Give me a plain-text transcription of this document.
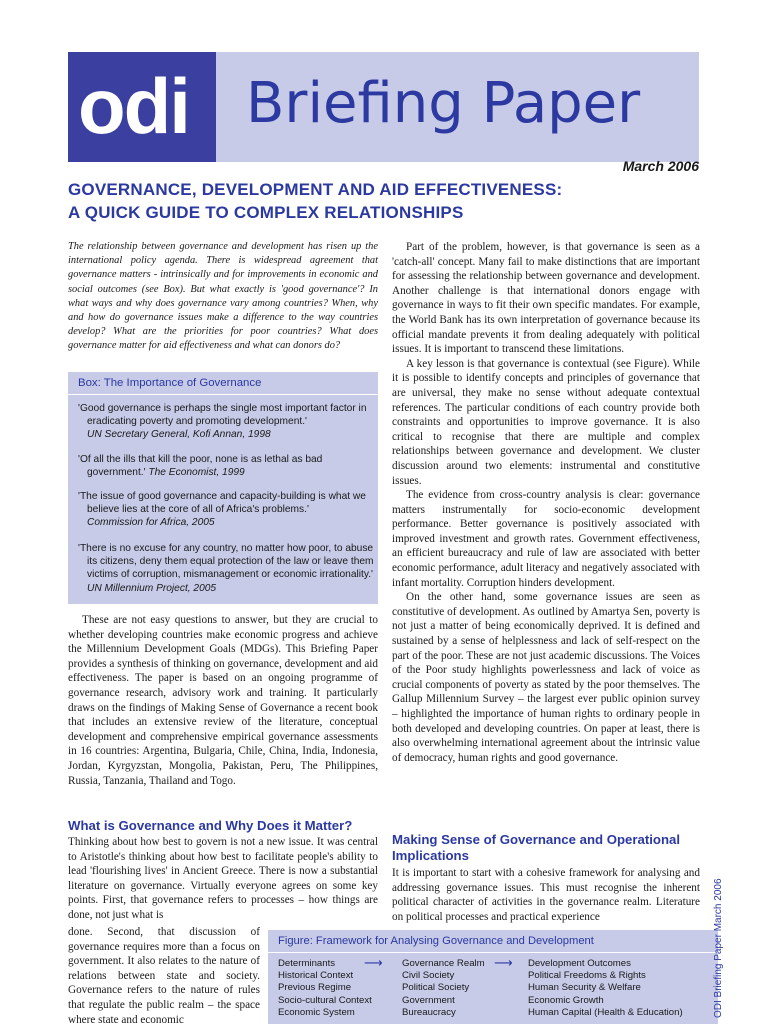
odi Briefing Paper
March 2006
GOVERNANCE, DEVELOPMENT AND AID EFFECTIVENESS:
A QUICK GUIDE TO COMPLEX RELATIONSHIPS
The relationship between governance and development has risen up the international policy agenda. There is widespread agreement that governance matters - intrinsically and for improvements in economic and social outcomes (see Box). But what exactly is 'good governance'? In what ways and why does governance vary among countries? When, why and how do governance issues make a difference to the way countries develop? What are the priorities for poor countries? What does governance matter for aid effectiveness and what can donors do?
Box: The Importance of Governance
'Good governance is perhaps the single most important factor in eradicating poverty and promoting development.'
UN Secretary General, Kofi Annan, 1998
'Of all the ills that kill the poor, none is as lethal as bad government.' The Economist, 1999
'The issue of good governance and capacity-building is what we believe lies at the core of all of Africa's problems.'
Commission for Africa, 2005
'There is no excuse for any country, no matter how poor, to abuse its citizens, deny them equal protection of the law or leave them victims of corruption, mismanagement or economic irrationality.' UN Millennium Project, 2005

These are not easy questions to answer, but they are crucial to whether developing countries make economic progress and achieve the Millennium Development Goals (MDGs). This Briefing Paper provides a synthesis of thinking on governance, development and aid effectiveness. The paper is based on an ongoing programme of governance research, advisory work and training. It particularly draws on the findings of Making Sense of Governance a recent book that includes an extensive review of the literature, conceptual development and comprehensive empirical governance assessments in 16 countries: Argentina, Bulgaria, Chile, China, India, Indonesia, Jordan, Kyrgyzstan, Mongolia, Pakistan, Peru, The Philippines, Russia, Tanzania, Thailand and Togo.

What is Governance and Why Does it Matter?

Thinking about how best to govern is not a new issue. It was central to Aristotle's thinking about how best to facilitate people's ability to lead 'flourishing lives' in Ancient Greece. There is now a substantial literature on governance. Virtually everyone agrees on some key points. First, that governance refers to processes – how things are done, not just what is

done. Second, that discussion of governance requires more than a focus on government. It also relates to the nature of relations between state and society. Governance refers to the nature of rules that regulate the public realm – the space where state and economic

Part of the problem, however, is that governance is seen as a 'catch-all' concept. Many fail to make distinctions that are important for assessing the relationship between governance and development. Another challenge is that international donors engage with governance in ways to fit their own specific mandates. For example, the World Bank has its own interpretation of governance because its official mandate prevents it from dealing adequately with political issues. It is important to transcend these limitations.

A key lesson is that governance is contextual (see Figure). While it is possible to identify concepts and principles of governance that are universal, they make no sense without adequate contextual references. The particular conditions of each country provide both constraints and opportunities to improve governance. It is also critical to recognise that there are multiple and complex relationships between governance and development. We cluster discussion around two elements: instrumental and constitutive issues.

The evidence from cross-country analysis is clear: governance matters instrumentally for socio-economic development performance. Better governance is positively associated with improved investment and growth rates. Government effectiveness, an efficient bureaucracy and rule of law are associated with better economic performance, adult literacy and negatively associated with infant mortality. Corruption hinders development.

On the other hand, some governance issues are seen as constitutive of development. As outlined by Amartya Sen, poverty is not just a matter of being economically deprived. It is defined and sustained by a sense of helplessness and lack of self-respect on the part of the poor. These are not just academic discussions. The Voices of the Poor study highlights powerlessness and lack of voice as crucial components of poverty as stated by the poor themselves. The Gallup Millennium Survey – the largest ever public opinion survey – highlighted the importance of human rights to ordinary people in both developed and developing countries. On paper at least, there is also overwhelming international agreement about the intrinsic value of democracy, human rights and good governance.

Making Sense of Governance and Operational Implications

It is important to start with a cohesive framework for analysing and addressing governance issues. This must recognise the inherent political character of activities in the governance realm. Literature on political processes and practical experience

Figure: Framework for Analysing Governance and Development
Determinants
Historical Context
Previous Regime
Socio-cultural Context
Economic System
⟶ Governance Realm
Civil Society
Political Society
Government
Bureaucracy
⟶ Development Outcomes
Political Freedoms & Rights
Human Security & Welfare
Economic Growth
Human Capital (Health & Education)	ODI Briefing Paper March 2006
